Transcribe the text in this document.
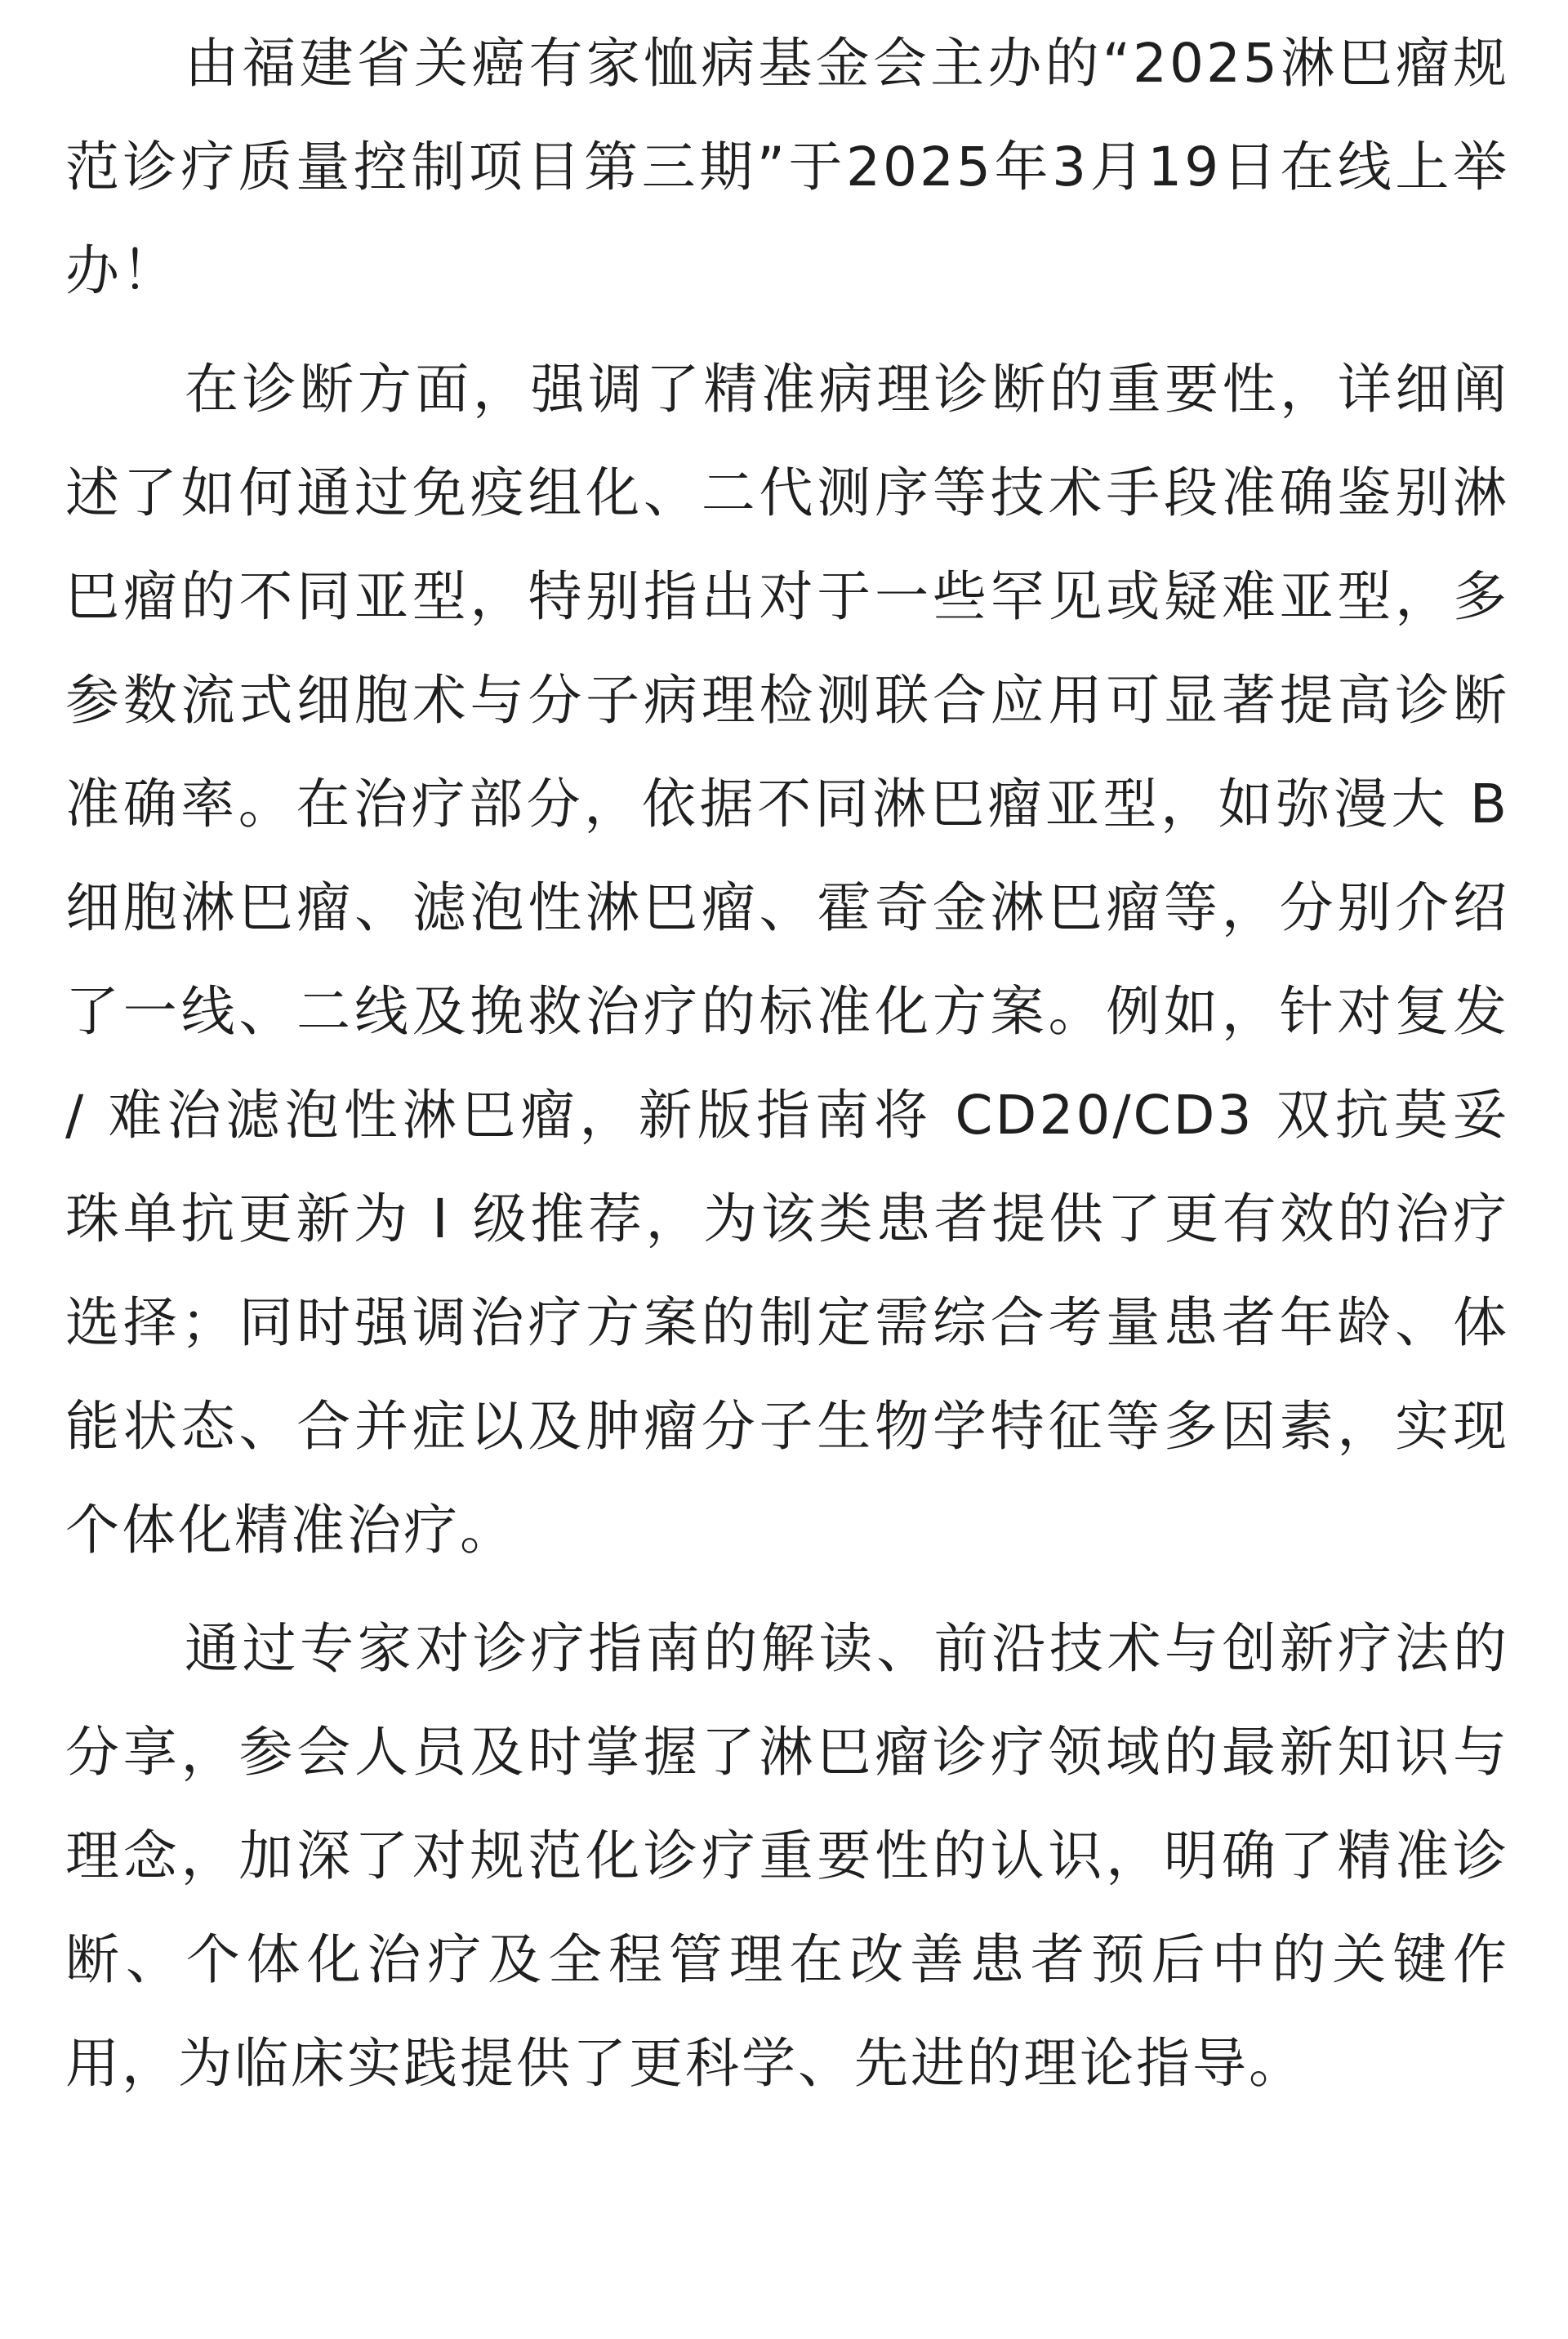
由福建省关癌有家恤病基金会主办的“2025淋巴瘤规范诊疗质量控制项目第三期”于2025年3月19日在线上举办！

在诊断方面，强调了精准病理诊断的重要性，详细阐述了如何通过免疫组化、二代测序等技术手段准确鉴别淋巴瘤的不同亚型，特别指出对于一些罕见或疑难亚型，多参数流式细胞术与分子病理检测联合应用可显著提高诊断准确率。在治疗部分，依据不同淋巴瘤亚型，如弥漫大 B 细胞淋巴瘤、滤泡性淋巴瘤、霍奇金淋巴瘤等，分别介绍了一线、二线及挽救治疗的标准化方案。例如，针对复发 / 难治滤泡性淋巴瘤，新版指南将 CD20/CD3 双抗莫妥珠单抗更新为 Ⅰ 级推荐，为该类患者提供了更有效的治疗选择；同时强调治疗方案的制定需综合考量患者年龄、体能状态、合并症以及肿瘤分子生物学特征等多因素，实现个体化精准治疗。

通过专家对诊疗指南的解读、前沿技术与创新疗法的分享，参会人员及时掌握了淋巴瘤诊疗领域的最新知识与理念，加深了对规范化诊疗重要性的认识，明确了精准诊断、个体化治疗及全程管理在改善患者预后中的关键作用，为临床实践提供了更科学、先进的理论指导。
